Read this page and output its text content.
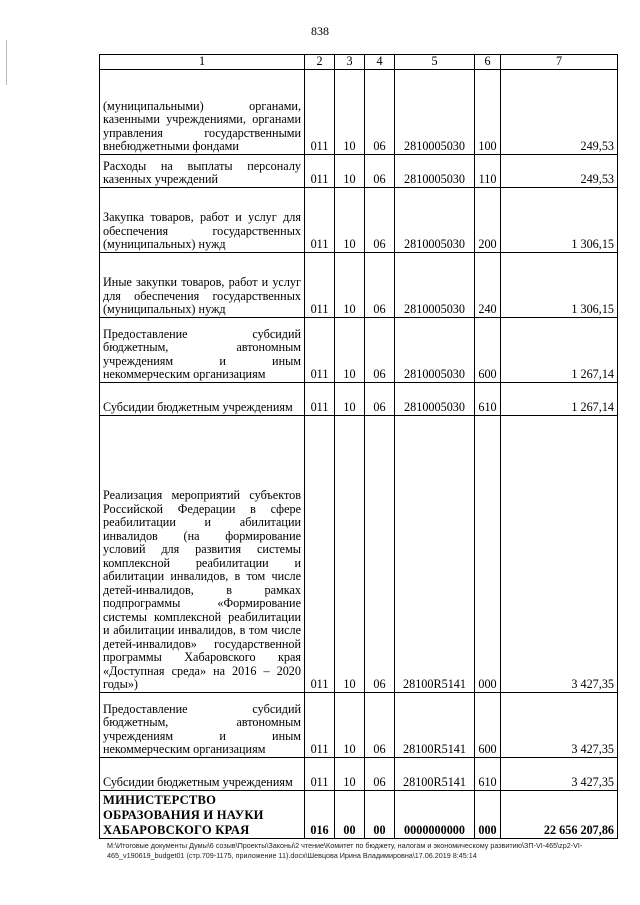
838
1	2	3	4	5	6	7
(муниципальными) органами, казенными учреждениями, органами управления государственными внебюджетными фондами	011	10	06	2810005030	100	249,53
Расходы на выплаты персоналу казенных учреждений	011	10	06	2810005030	110	249,53
Закупка товаров, работ и услуг для обеспечения государственных (муниципальных) нужд	011	10	06	2810005030	200	1 306,15
Иные закупки товаров, работ и услуг для обеспечения государственных (муниципальных) нужд	011	10	06	2810005030	240	1 306,15
Предоставление субсидий бюджетным, автономным учреждениям и иным некоммерческим организациям	011	10	06	2810005030	600	1 267,14
Субсидии бюджетным учреждениям	011	10	06	2810005030	610	1 267,14
Реализация мероприятий субъектов Российской Федерации в сфере реабилитации и абилитации инвалидов (на формирование условий для развития системы комплексной реабилитации и абилитации инвалидов, в том числе детей-инвалидов, в рамках подпрограммы «Формирование системы комплексной реабилитации и абилитации инвалидов, в том числе детей-инвалидов» государственной программы Хабаровского края «Доступная среда» на 2016 – 2020 годы»)	011	10	06	28100R5141	000	3 427,35
Предоставление субсидий бюджетным, автономным учреждениям и иным некоммерческим организациям	011	10	06	28100R5141	600	3 427,35
Субсидии бюджетным учреждениям	011	10	06	28100R5141	610	3 427,35
МИНИСТЕРСТВО ОБРАЗОВАНИЯ И НАУКИ ХАБАРОВСКОГО КРАЯ	016	00	00	0000000000	000	22 656 207,86
M:\Итоговые документы Думы\6 созыв\Проекты\Законы\2 чтение\Комитет по бюджету, налогам и экономическому развитию\ЗП-VI-465\zp2-VI-465_v190619_budget01 (стр.709-1175, приложение 11).docx\Шевцова Ирина Владимировна\17.06.2019 8:45:14
